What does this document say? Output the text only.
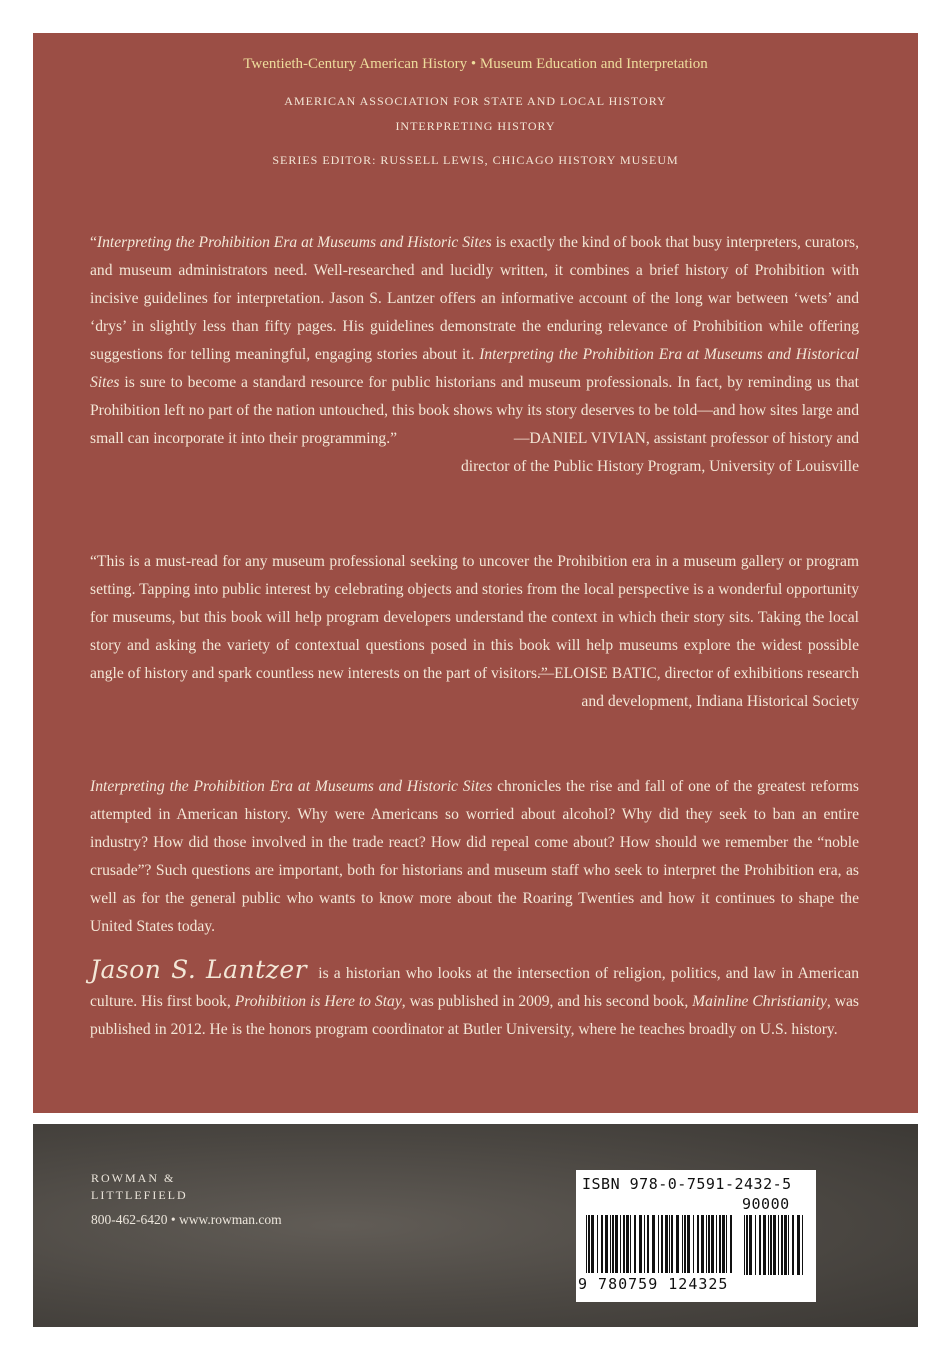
Twentieth-Century American History • Museum Education and Interpretation
AMERICAN ASSOCIATION FOR STATE AND LOCAL HISTORY
INTERPRETING HISTORY
SERIES EDITOR: RUSSELL LEWIS, CHICAGO HISTORY MUSEUM

“Interpreting the Prohibition Era at Museums and Historic Sites is exactly the kind of book that busy interpreters, curators, and museum administrators need. Well-researched and lucidly written, it combines a brief history of Prohibition with incisive guidelines for interpretation. Jason S. Lantzer offers an informative account of the long war between ‘wets’ and ‘drys’ in slightly less than fifty pages. His guidelines demonstrate the enduring relevance of Prohibition while offering suggestions for telling meaningful, engaging stories about it. Interpreting the Prohibition Era at Museums and Historical Sites is sure to become a standard resource for public historians and museum professionals. In fact, by reminding us that Prohibition left no part of the nation untouched, this book shows why its story deserves to be told—and how sites large and small can incorporate it into their programming.”	—DANIEL VIVIAN, assistant professor of history and
director of the Public History Program, University of Louisville

“This is a must-read for any museum professional seeking to uncover the Prohibition era in a museum gallery or program setting. Tapping into public interest by celebrating objects and stories from the local perspective is a wonderful opportunity for museums, but this book will help program developers understand the context in which their story sits. Taking the local story and asking the variety of contextual questions posed in this book will help museums explore the widest possible angle of history and spark countless new interests on the part of visitors.”

—ELOISE BATIC, director of exhibitions research
and development, Indiana Historical Society

Interpreting the Prohibition Era at Museums and Historic Sites chronicles the rise and fall of one of the greatest reforms attempted in American history. Why were Americans so worried about alcohol? Why did they seek to ban an entire industry? How did those involved in the trade react? How did repeal come about? How should we remember the “noble crusade”? Such questions are important, both for historians and museum staff who seek to interpret the Prohibition era, as well as for the general public who wants to know more about the Roaring Twenties and how it continues to shape the United States today.

Jason S. Lantzer is a historian who looks at the intersection of religion, politics, and law in American culture. His first book, Prohibition is Here to Stay, was published in 2009, and his second book, Mainline Christianity, was published in 2012. He is the honors program coordinator at Butler University, where he teaches broadly on U.S. history.

ROWMAN &
LITTLEFIELD
800-462-6420 • www.rowman.com
ISBN 978-0-7591-2432-5
90000
9 780759 124325
